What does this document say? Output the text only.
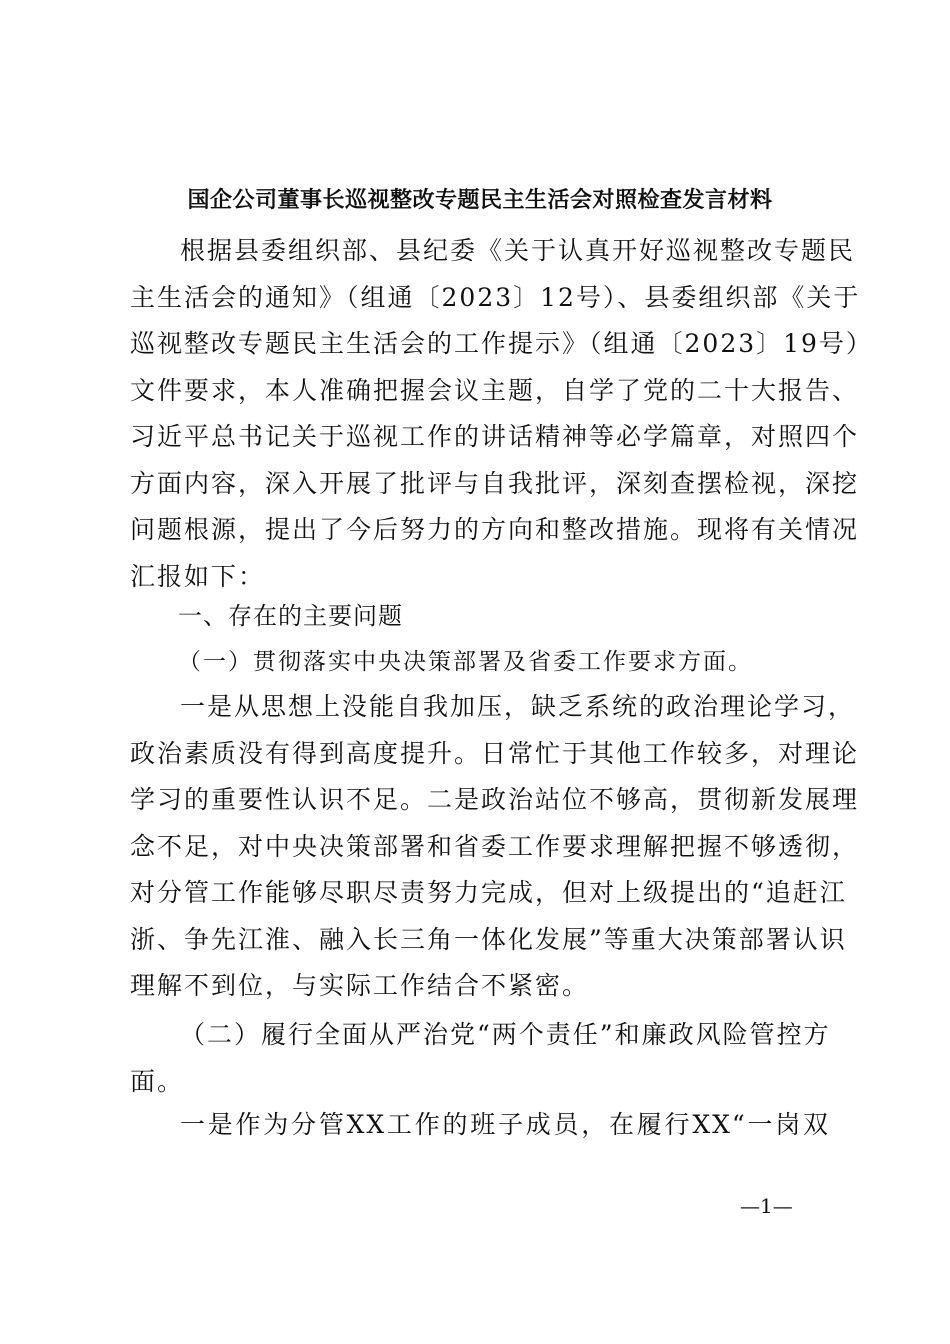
国企公司董事长巡视整改专题民主生活会对照检查发言材料
根据县委组织部、县纪委《关于认真开好巡视整改专题民
主生活会的通知》（组通〔2023〕12号）、县委组织部《关于
巡视整改专题民主生活会的工作提示》（组通〔2023〕19号）
文件要求，本人准确把握会议主题，自学了党的二十大报告、
习近平总书记关于巡视工作的讲话精神等必学篇章，对照四个
方面内容，深入开展了批评与自我批评，深刻查摆检视，深挖
问题根源，提出了今后努力的方向和整改措施。现将有关情况
汇报如下：
一、存在的主要问题
（一）贯彻落实中央决策部署及省委工作要求方面。
一是从思想上没能自我加压，缺乏系统的政治理论学习，
政治素质没有得到高度提升。日常忙于其他工作较多，对理论
学习的重要性认识不足。二是政治站位不够高，贯彻新发展理
念不足，对中央决策部署和省委工作要求理解把握不够透彻，
对分管工作能够尽职尽责努力完成，但对上级提出的“追赶江
浙、争先江淮、融入长三角一体化发展”等重大决策部署认识
理解不到位，与实际工作结合不紧密。
（二）履行全面从严治党“两个责任”和廉政风险管控方
面。
一是作为分管XX工作的班子成员，在履行XX“一岗双
—1—
